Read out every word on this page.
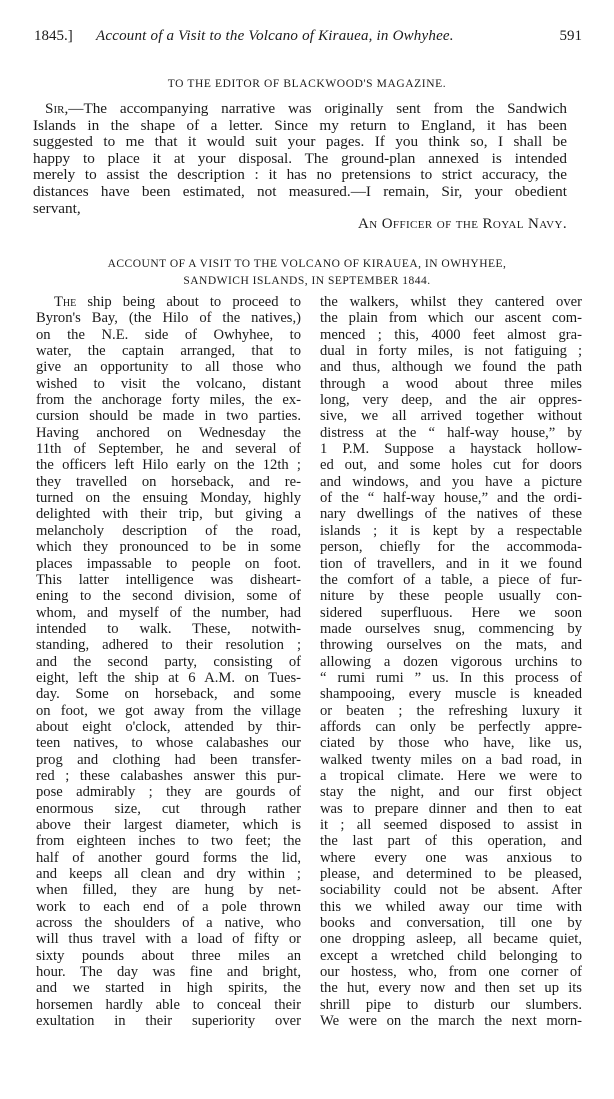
1845.] Account of a Visit to the Volcano of Kirauea, in Owhyhee.	591
TO THE EDITOR OF BLACKWOOD'S MAGAZINE.
Sir,—The accompanying narrative was originally sent from the Sandwich
Islands in the shape of a letter. Since my return to England, it has been
suggested to me that it would suit your pages. If you think so, I shall be
happy to place it at your disposal. The ground-plan annexed is intended
merely to assist the description : it has no pretensions to strict accuracy, the
distances have been estimated, not measured.—I remain, Sir, your obedient
servant,
An Officer of the Royal Navy.
ACCOUNT OF A VISIT TO THE VOLCANO OF KIRAUEA, IN OWHYHEE,
SANDWICH ISLANDS, IN SEPTEMBER 1844.
The ship being about to proceed to
Byron's Bay, (the Hilo of the natives,)
on the N.E. side of Owhyhee, to
water, the captain arranged, that to
give an opportunity to all those who
wished to visit the volcano, distant
from the anchorage forty miles, the ex-
cursion should be made in two parties.
Having anchored on Wednesday the
11th of September, he and several of
the officers left Hilo early on the 12th ;
they travelled on horseback, and re-
turned on the ensuing Monday, highly
delighted with their trip, but giving a
melancholy description of the road,
which they pronounced to be in some
places impassable to people on foot.
This latter intelligence was disheart-
ening to the second division, some of
whom, and myself of the number, had
intended to walk. These, notwith-
standing, adhered to their resolution ;
and the second party, consisting of
eight, left the ship at 6 A.M. on Tues-
day. Some on horseback, and some
on foot, we got away from the village
about eight o'clock, attended by thir-
teen natives, to whose calabashes our
prog and clothing had been transfer-
red ; these calabashes answer this pur-
pose admirably ; they are gourds of
enormous size, cut through rather
above their largest diameter, which is
from eighteen inches to two feet; the
half of another gourd forms the lid,
and keeps all clean and dry within ;
when filled, they are hung by net-
work to each end of a pole thrown
across the shoulders of a native, who
will thus travel with a load of fifty or
sixty pounds about three miles an
hour. The day was fine and bright,
and we started in high spirits, the
horsemen hardly able to conceal their
exultation in their superiority over
the walkers, whilst they cantered over
the plain from which our ascent com-
menced ; this, 4000 feet almost gra-
dual in forty miles, is not fatiguing ;
and thus, although we found the path
through a wood about three miles
long, very deep, and the air oppres-
sive, we all arrived together without
distress at the “ half-way house,” by
1 P.M. Suppose a haystack hollow-
ed out, and some holes cut for doors
and windows, and you have a picture
of the “ half-way house,” and the ordi-
nary dwellings of the natives of these
islands ; it is kept by a respectable
person, chiefly for the accommoda-
tion of travellers, and in it we found
the comfort of a table, a piece of fur-
niture by these people usually con-
sidered superfluous. Here we soon
made ourselves snug, commencing by
throwing ourselves on the mats, and
allowing a dozen vigorous urchins to
“ rumi rumi ” us. In this process of
shampooing, every muscle is kneaded
or beaten ; the refreshing luxury it
affords can only be perfectly appre-
ciated by those who have, like us,
walked twenty miles on a bad road, in
a tropical climate. Here we were to
stay the night, and our first object
was to prepare dinner and then to eat
it ; all seemed disposed to assist in
the last part of this operation, and
where every one was anxious to
please, and determined to be pleased,
sociability could not be absent. After
this we whiled away our time with
books and conversation, till one by
one dropping asleep, all became quiet,
except a wretched child belonging to
our hostess, who, from one corner of
the hut, every now and then set up its
shrill pipe to disturb our slumbers.
We were on the march the next morn-
